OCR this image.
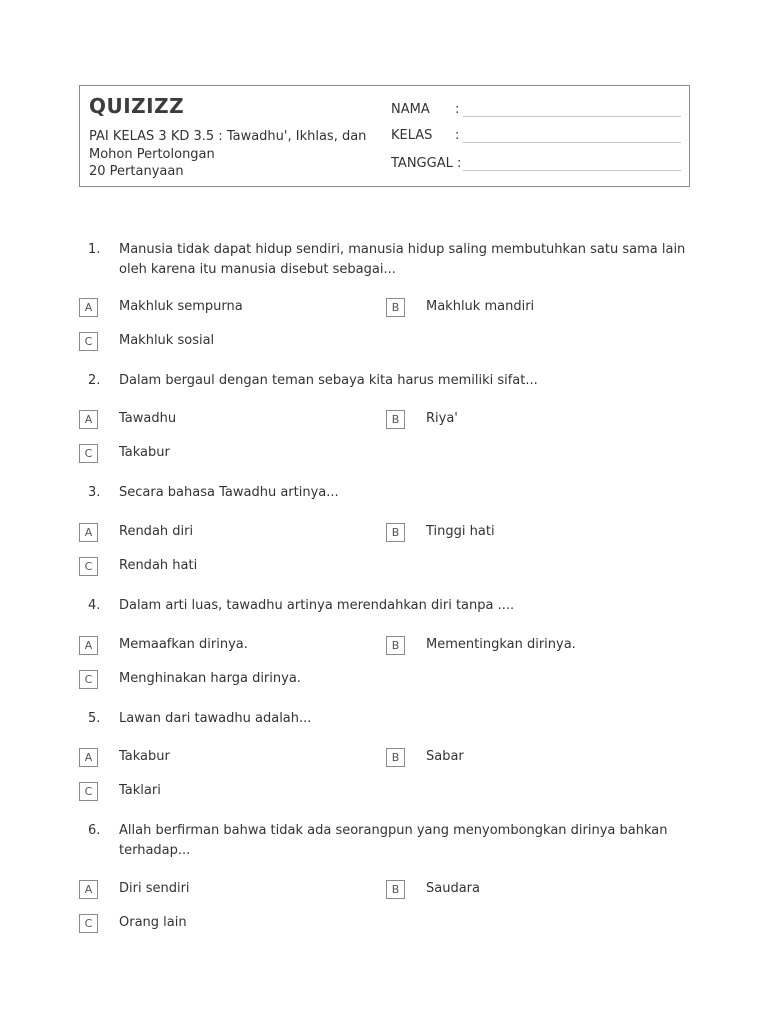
QUIZIZZ
PAI KELAS 3 KD 3.5 : Tawadhu', Ikhlas, dan Mohon Pertolongan
20 Pertanyaan
NAMA :
KELAS :
TANGGAL :
1. Manusia tidak dapat hidup sendiri, manusia hidup saling membutuhkan satu sama lain oleh karena itu manusia disebut sebagai...
A	Makhluk sempurna	B	Makhluk mandiri
C	Makhluk sosial
2. Dalam bergaul dengan teman sebaya kita harus memiliki sifat...
A	Tawadhu	B	Riya'
C	Takabur
3. Secara bahasa Tawadhu artinya...
A	Rendah diri	B	Tinggi hati
C	Rendah hati
4. Dalam arti luas, tawadhu artinya merendahkan diri tanpa ....
A	Memaafkan dirinya.	B	Mementingkan dirinya.
C	Menghinakan harga dirinya.
5. Lawan dari tawadhu adalah...
A	Takabur	B	Sabar
C	Taklari
6. Allah berfirman bahwa tidak ada seorangpun yang menyombongkan dirinya bahkan terhadap...
A	Diri sendiri	B	Saudara
C	Orang lain
